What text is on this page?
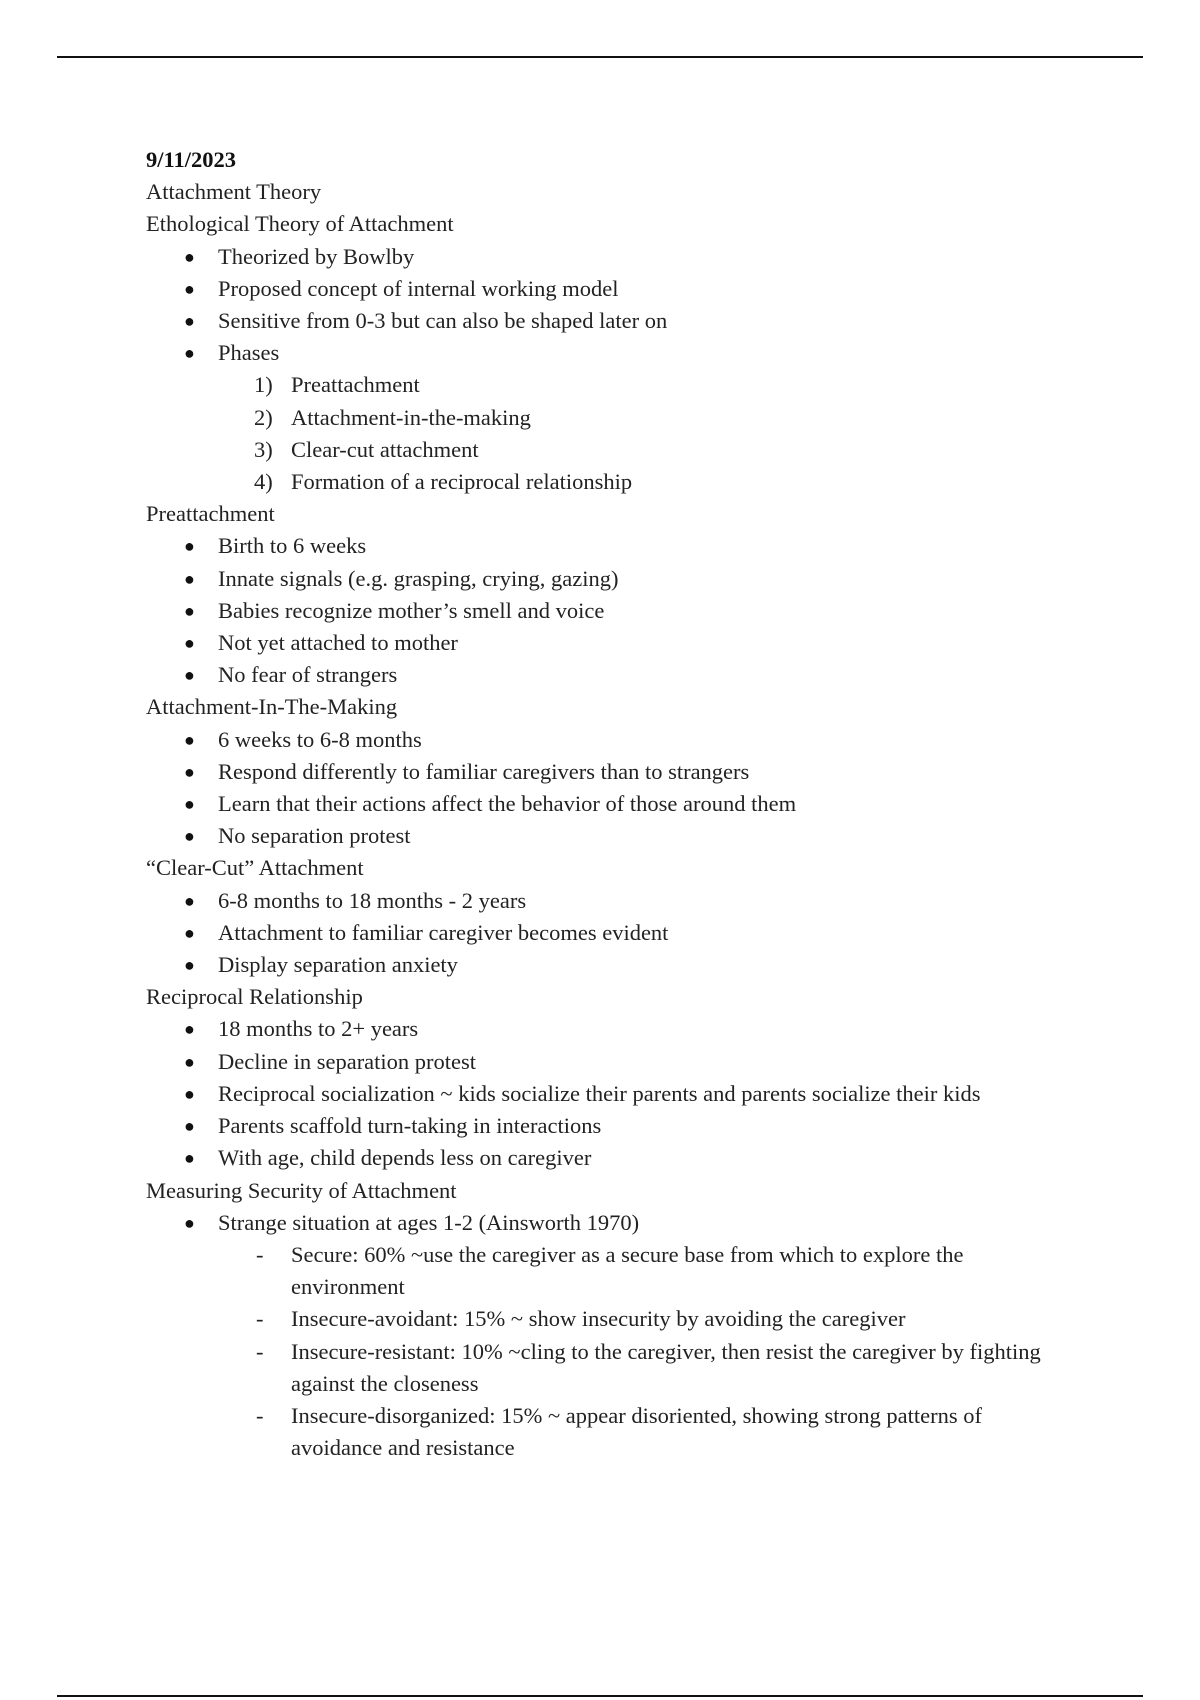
9/11/2023
Attachment Theory
Ethological Theory of Attachment
● Theorized by Bowlby
● Proposed concept of internal working model
● Sensitive from 0-3 but can also be shaped later on
● Phases
1) Preattachment
2) Attachment-in-the-making
3) Clear-cut attachment
4) Formation of a reciprocal relationship
Preattachment
● Birth to 6 weeks
● Innate signals (e.g. grasping, crying, gazing)
● Babies recognize mother’s smell and voice
● Not yet attached to mother
● No fear of strangers
Attachment-In-The-Making
● 6 weeks to 6-8 months
● Respond differently to familiar caregivers than to strangers
● Learn that their actions affect the behavior of those around them
● No separation protest
“Clear-Cut” Attachment
● 6-8 months to 18 months - 2 years
● Attachment to familiar caregiver becomes evident
● Display separation anxiety
Reciprocal Relationship
● 18 months to 2+ years
● Decline in separation protest
● Reciprocal socialization ~ kids socialize their parents and parents socialize their kids
● Parents scaffold turn-taking in interactions
● With age, child depends less on caregiver
Measuring Security of Attachment
● Strange situation at ages 1-2 (Ainsworth 1970)
- Secure: 60% ~use the caregiver as a secure base from which to explore the environment
- Insecure-avoidant: 15% ~ show insecurity by avoiding the caregiver
- Insecure-resistant: 10% ~cling to the caregiver, then resist the caregiver by fighting against the closeness
- Insecure-disorganized: 15% ~ appear disoriented, showing strong patterns of avoidance and resistance
